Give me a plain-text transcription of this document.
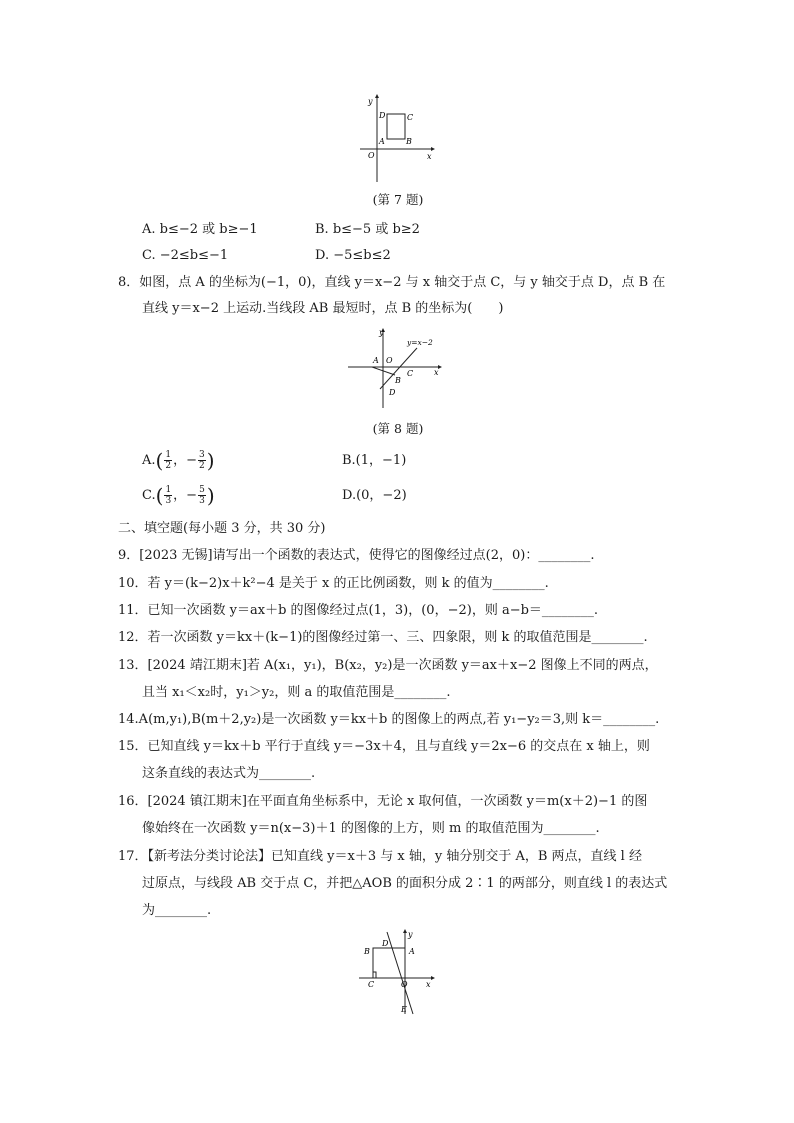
y
x
O
D	C
A	B
(第 7 题)
A. b≤−2 或 b≥−1	B. b≤−5 或 b≥2
C. −2≤b≤−1	D. −5≤b≤2
8．如图，点 A 的坐标为(−1，0)，直线 y＝x−2 与 x 轴交于点 C，与 y 轴交于点 D，点 B 在
直线 y＝x−2 上运动.当线段 AB 最短时，点 B 的坐标为(　　)
y
y=x−2
A O
C
B
D
x
(第 8 题)
$A.( \frac{1}{2}$ ，− $\frac{3}{2}$ )	B.(1，−1)
$C.( \frac{1}{3}$ ，− $\frac{5}{3}$ )	D.(0，−2)
二、填空题(每小题 3 分，共 30 分)
9．[2023 无锡]请写出一个函数的表达式，使得它的图像经过点(2，0)：________.
10．若 y＝(k−2)x＋k²−4 是关于 x 的正比例函数，则 k 的值为________.
11．已知一次函数 y＝ax＋b 的图像经过点(1，3)，(0，−2)，则 a−b＝________.
12．若一次函数 y＝kx＋(k−1)的图像经过第一、三、四象限，则 k 的取值范围是________.
13．[2024 靖江期末]若 A(x₁，y₁)，B(x₂，y₂)是一次函数 y＝ax＋x−2 图像上不同的两点，
且当 x₁＜x₂时，y₁＞y₂，则 a 的取值范围是________.
14.A(m,y₁),B(m＋2,y₂)是一次函数 y＝kx＋b 的图像上的两点,若 y₁−y₂＝3,则 k＝________.
15．已知直线 y＝kx＋b 平行于直线 y＝−3x＋4，且与直线 y＝2x−6 的交点在 x 轴上，则
这条直线的表达式为________.
16．[2024 镇江期末]在平面直角坐标系中，无论 x 取何值，一次函数 y＝m(x＋2)−1 的图
像始终在一次函数 y＝n(x−3)＋1 的图像的上方，则 m 的取值范围为________.
17．【新考法分类讨论法】已知直线 y＝x＋3 与 x 轴，y 轴分别交于 A，B 两点，直线 l 经
过原点，与线段 AB 交于点 C，并把△AOB 的面积分成 2∶1 的两部分，则直线 l 的表达式
为________.
y
D
B	A
C	O x
E
